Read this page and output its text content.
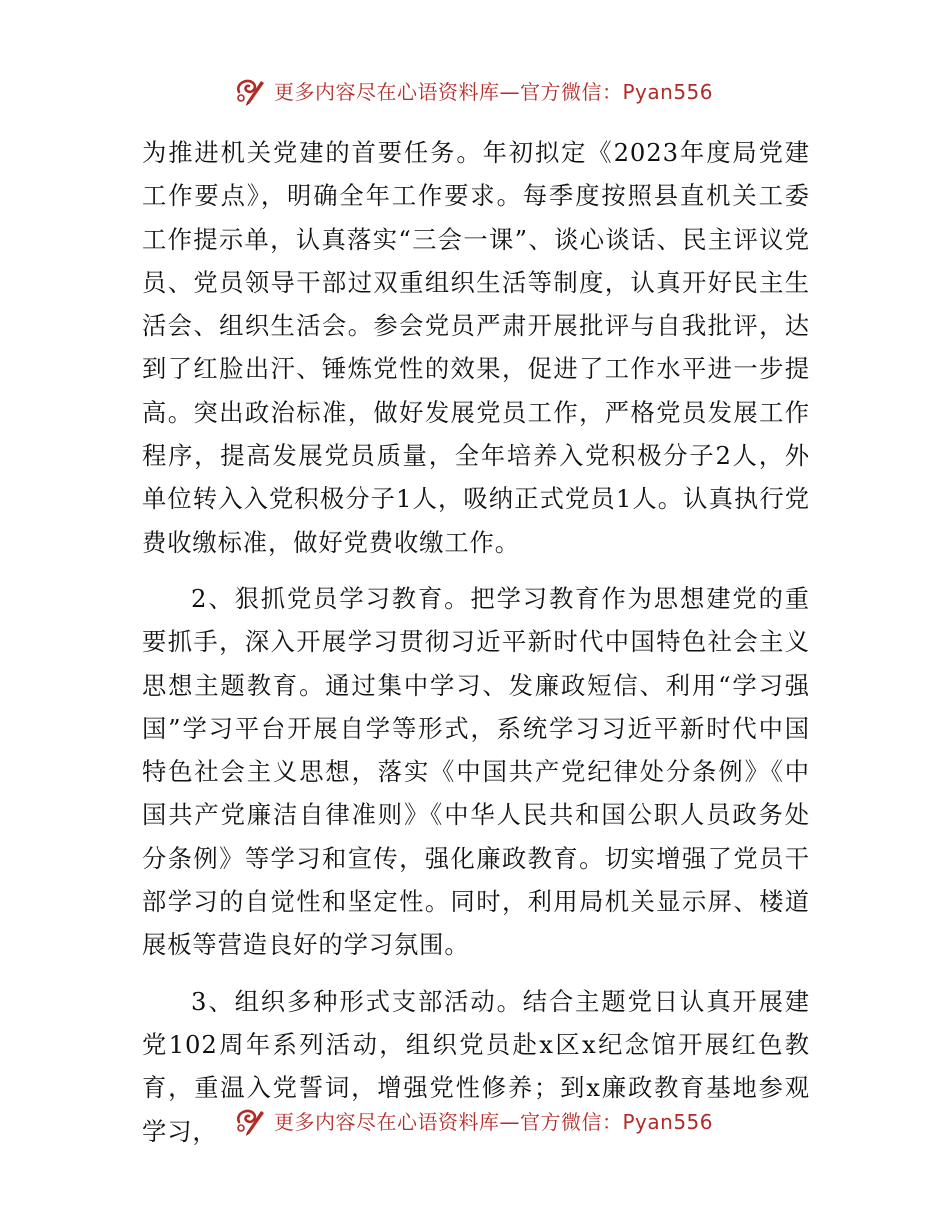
更多内容尽在心语资料库—官方微信：Pyan556

为推进机关党建的首要任务。年初拟定《2023年度局党建工作要点》，明确全年工作要求。每季度按照县直机关工委工作提示单，认真落实“三会一课”、谈心谈话、民主评议党员、党员领导干部过双重组织生活等制度，认真开好民主生活会、组织生活会。参会党员严肃开展批评与自我批评，达到了红脸出汗、锤炼党性的效果，促进了工作水平进一步提高。突出政治标准，做好发展党员工作，严格党员发展工作程序，提高发展党员质量，全年培养入党积极分子2人，外单位转入入党积极分子1人，吸纳正式党员1人。认真执行党费收缴标准，做好党费收缴工作。

2、狠抓党员学习教育。把学习教育作为思想建党的重要抓手，深入开展学习贯彻习近平新时代中国特色社会主义思想主题教育。通过集中学习、发廉政短信、利用“学习强国”学习平台开展自学等形式，系统学习习近平新时代中国特色社会主义思想，落实《中国共产党纪律处分条例》《中国共产党廉洁自律准则》《中华人民共和国公职人员政务处分条例》等学习和宣传，强化廉政教育。切实增强了党员干部学习的自觉性和坚定性。同时，利用局机关显示屏、楼道展板等营造良好的学习氛围。

3、组织多种形式支部活动。结合主题党日认真开展建党102周年系列活动，组织党员赴x区x纪念馆开展红色教育，重温入党誓词，增强党性修养；到x廉政教育基地参观学习，	更多内容尽在心语资料库—官方微信：Pyan556
